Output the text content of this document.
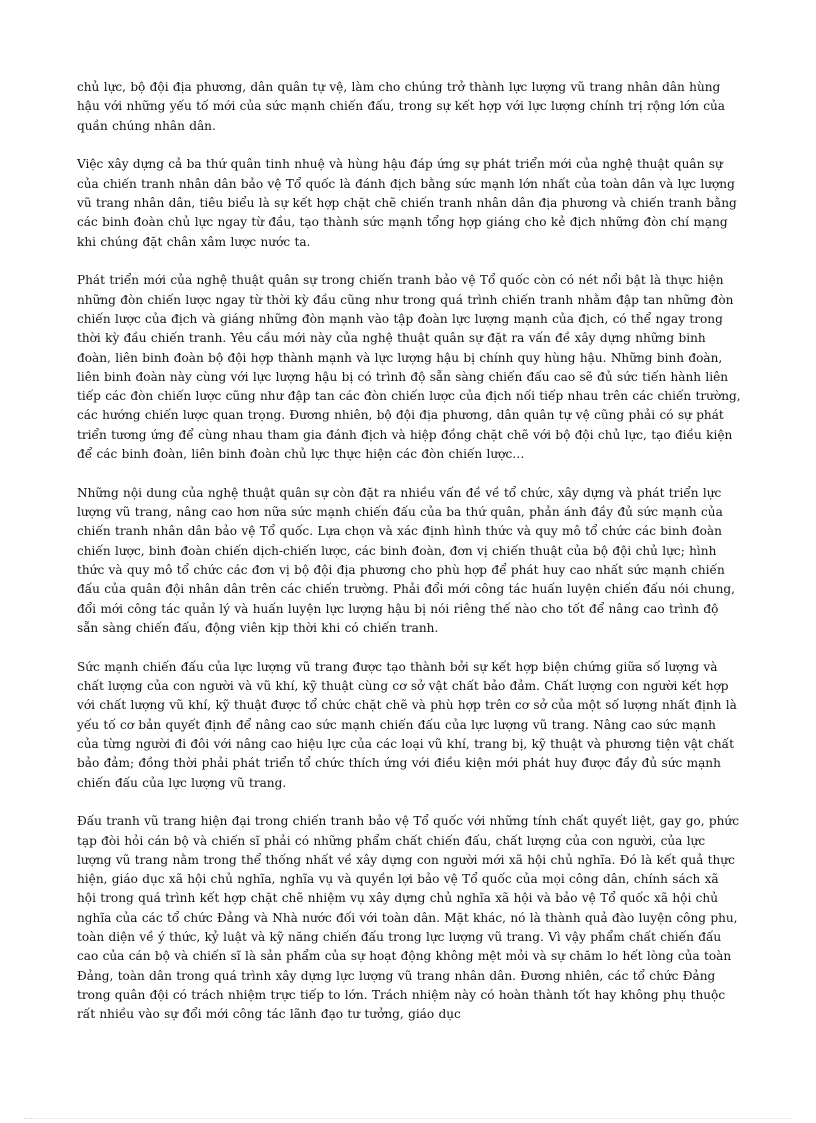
chủ lực, bộ đội địa phương, dân quân tự vệ, làm cho chúng trở thành lực lượng vũ trang nhân dân hùng hậu với những yếu tố mới của sức mạnh chiến đấu, trong sự kết hợp với lực lượng chính trị rộng lớn của quần chúng nhân dân.

Việc xây dựng cả ba thứ quân tinh nhuệ và hùng hậu đáp ứng sự phát triển mới của nghệ thuật quân sự của chiến tranh nhân dân bảo vệ Tổ quốc là đánh địch bằng sức mạnh lớn nhất của toàn dân và lực lượng vũ trang nhân dân, tiêu biểu là sự kết hợp chặt chẽ chiến tranh nhân dân địa phương và chiến tranh bằng các binh đoàn chủ lực ngay từ đầu, tạo thành sức mạnh tổng hợp giáng cho kẻ địch những đòn chí mạng khi chúng đặt chân xâm lược nước ta.

Phát triển mới của nghệ thuật quân sự trong chiến tranh bảo vệ Tổ quốc còn có nét nổi bật là thực hiện những đòn chiến lược ngay từ thời kỳ đầu cũng như trong quá trình chiến tranh nhằm đập tan những đòn chiến lược của địch và giáng những đòn mạnh vào tập đoàn lực lượng mạnh của địch, có thể ngay trong thời kỳ đầu chiến tranh. Yêu cầu mới này của nghệ thuật quân sự đặt ra vấn đề xây dựng những binh đoàn, liên binh đoàn bộ đội hợp thành mạnh và lực lượng hậu bị chính quy hùng hậu. Những binh đoàn, liên binh đoàn này cùng với lực lượng hậu bị có trình độ sẵn sàng chiến đấu cao sẽ đủ sức tiến hành liên tiếp các đòn chiến lược cũng như đập tan các đòn chiến lược của địch nối tiếp nhau trên các chiến trường, các hướng chiến lược quan trọng. Đương nhiên, bộ đội địa phương, dân quân tự vệ cũng phải có sự phát triển tương ứng để cùng nhau tham gia đánh địch và hiệp đồng chặt chẽ với bộ đội chủ lực, tạo điều kiện để các binh đoàn, liên binh đoàn chủ lực thực hiện các đòn chiến lược…

Những nội dung của nghệ thuật quân sự còn đặt ra nhiều vấn đề về tổ chức, xây dựng và phát triển lực lượng vũ trang, nâng cao hơn nữa sức mạnh chiến đấu của ba thứ quân, phản ánh đầy đủ sức mạnh của chiến tranh nhân dân bảo vệ Tổ quốc. Lựa chọn và xác định hình thức và quy mô tổ chức các binh đoàn chiến lược, binh đoàn chiến dịch-chiến lược, các binh đoàn, đơn vị chiến thuật của bộ đội chủ lực; hình thức và quy mô tổ chức các đơn vị bộ đội địa phương cho phù hợp để phát huy cao nhất sức mạnh chiến đấu của quân đội nhân dân trên các chiến trường. Phải đổi mới công tác huấn luyện chiến đấu nói chung, đổi mới công tác quản lý và huấn luyện lực lượng hậu bị nói riêng thế nào cho tốt để nâng cao trình độ sẵn sàng chiến đấu, động viên kịp thời khi có chiến tranh.

Sức mạnh chiến đấu của lực lượng vũ trang được tạo thành bởi sự kết hợp biện chứng giữa số lượng và chất lượng của con người và vũ khí, kỹ thuật cùng cơ sở vật chất bảo đảm. Chất lượng con người kết hợp với chất lượng vũ khí, kỹ thuật được tổ chức chặt chẽ và phù hợp trên cơ sở của một số lượng nhất định là yếu tố cơ bản quyết định để nâng cao sức mạnh chiến đấu của lực lượng vũ trang. Nâng cao sức mạnh của từng người đi đôi với nâng cao hiệu lực của các loại vũ khí, trang bị, kỹ thuật và phương tiện vật chất bảo đảm; đồng thời phải phát triển tổ chức thích ứng với điều kiện mới phát huy được đầy đủ sức mạnh chiến đấu của lực lượng vũ trang.

Đấu tranh vũ trang hiện đại trong chiến tranh bảo vệ Tổ quốc với những tính chất quyết liệt, gay go, phức tạp đòi hỏi cán bộ và chiến sĩ phải có những phẩm chất chiến đấu, chất lượng của con người, của lực lượng vũ trang nằm trong thể thống nhất về xây dựng con người mới xã hội chủ nghĩa. Đó là kết quả thực hiện, giáo dục xã hội chủ nghĩa, nghĩa vụ và quyền lợi bảo vệ Tổ quốc của mọi công dân, chính sách xã hội trong quá trình kết hợp chặt chẽ nhiệm vụ xây dựng chủ nghĩa xã hội và bảo vệ Tổ quốc xã hội chủ nghĩa của các tổ chức Đảng và Nhà nước đối với toàn dân. Mặt khác, nó là thành quả đào luyện công phu, toàn diện về ý thức, kỷ luật và kỹ năng chiến đấu trong lực lượng vũ trang. Vì vậy phẩm chất chiến đấu cao của cán bộ và chiến sĩ là sản phẩm của sự hoạt động không mệt mỏi và sự chăm lo hết lòng của toàn Đảng, toàn dân trong quá trình xây dựng lực lượng vũ trang nhân dân. Đương nhiên, các tổ chức Đảng trong quân đội có trách nhiệm trực tiếp to lớn. Trách nhiệm này có hoàn thành tốt hay không phụ thuộc rất nhiều vào sự đổi mới công tác lãnh đạo tư tưởng, giáo dục
